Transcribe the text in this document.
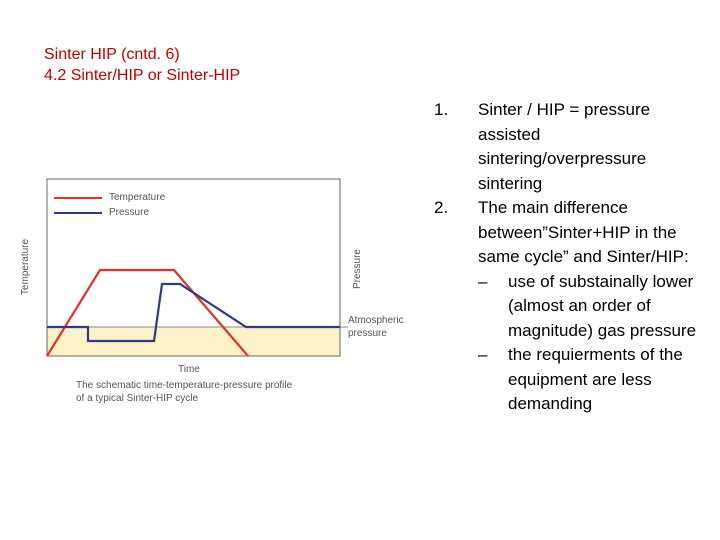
Sinter HIP (cntd. 6)
4.2 Sinter/HIP or Sinter-HIP
Temperature	Pressure
Temperature
Pressure
Atmospheric
pressure
Time
The schematic time-temperature-pressure profile
of a typical Sinter-HIP cycle
1. Sinter / HIP = pressure assisted sintering/overpressure sintering
2. The main difference between”Sinter+HIP in the same cycle” and Sinter/HIP:
– use of substainally lower (almost an order of magnitude) gas pressure
– the requierments of the equipment are less demanding
